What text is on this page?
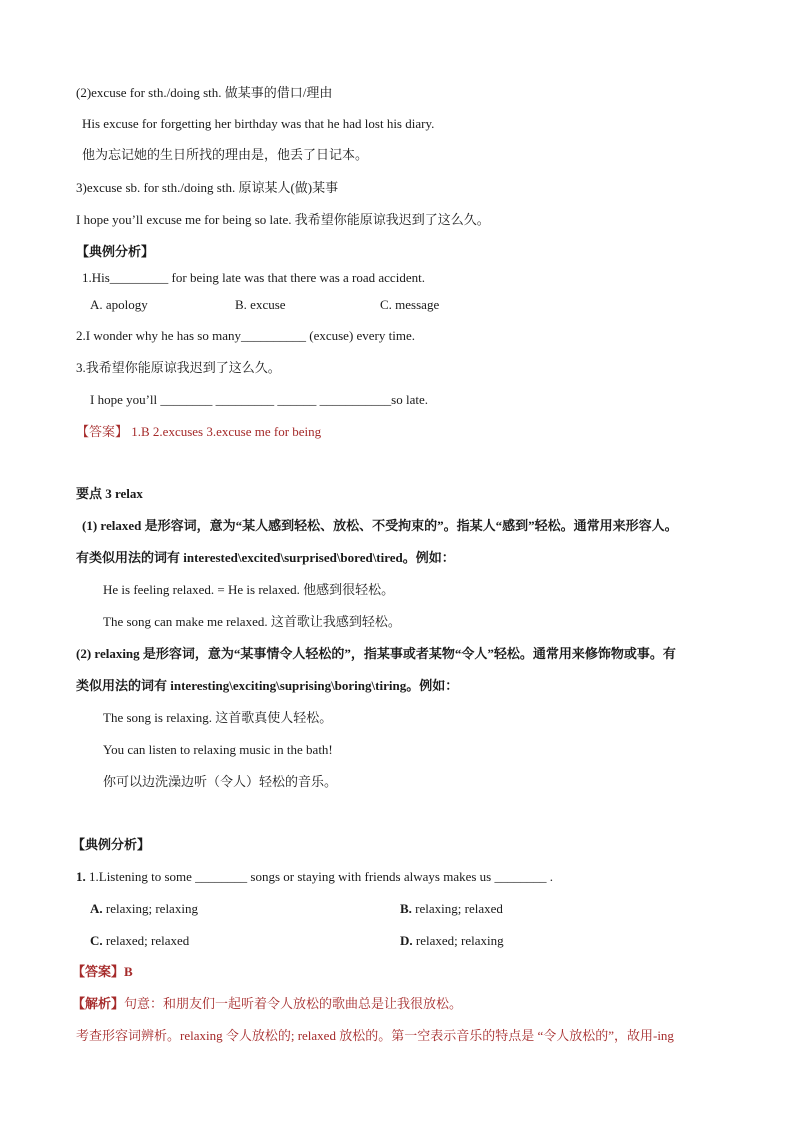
(2)excuse for sth./doing sth. 做某事的借口/理由
His excuse for forgetting her birthday was that he had lost his diary.
他为忘记她的生日所找的理由是，他丢了日记本。
3)excuse sb. for sth./doing sth. 原谅某人(做)某事
I hope you’ll excuse me for being so late. 我希望你能原谅我迟到了这么久。
【典例分析】
1.His_________ for being late was that there was a road accident.
A. apology	B. excuse	C. message
2.I wonder why he has so many__________ (excuse) every time.
3.我希望你能原谅我迟到了这么久。
I hope you’ll ________ _________ ______ ___________so late.
【答案】 1.B 2.excuses 3.excuse me for being
要点 3 relax
(1) relaxed 是形容词，意为“某人感到轻松、放松、不受拘束的”。指某人“感到”轻松。通常用来形容人。
有类似用法的词有 interested\excited\surprised\bored\tired。例如：
He is feeling relaxed. = He is relaxed. 他感到很轻松。
The song can make me relaxed. 这首歌让我感到轻松。
(2) relaxing 是形容词，意为“某事情令人轻松的”，指某事或者某物“令人”轻松。通常用来修饰物或事。有
类似用法的词有 interesting\exciting\suprising\boring\tiring。例如：
The song is relaxing. 这首歌真使人轻松。
You can listen to relaxing music in the bath!
你可以边洗澡边听（令人）轻松的音乐。
【典例分析】
1. 1.Listening to some ________ songs or staying with friends always makes us ________ .
A. relaxing; relaxing	B. relaxing; relaxed
C. relaxed; relaxed	D. relaxed; relaxing
【答案】B
【解析】句意：和朋友们一起听着令人放松的歌曲总是让我很放松。
考查形容词辨析。relaxing 令人放松的; relaxed 放松的。第一空表示音乐的特点是 “令人放松的”，故用-ing
